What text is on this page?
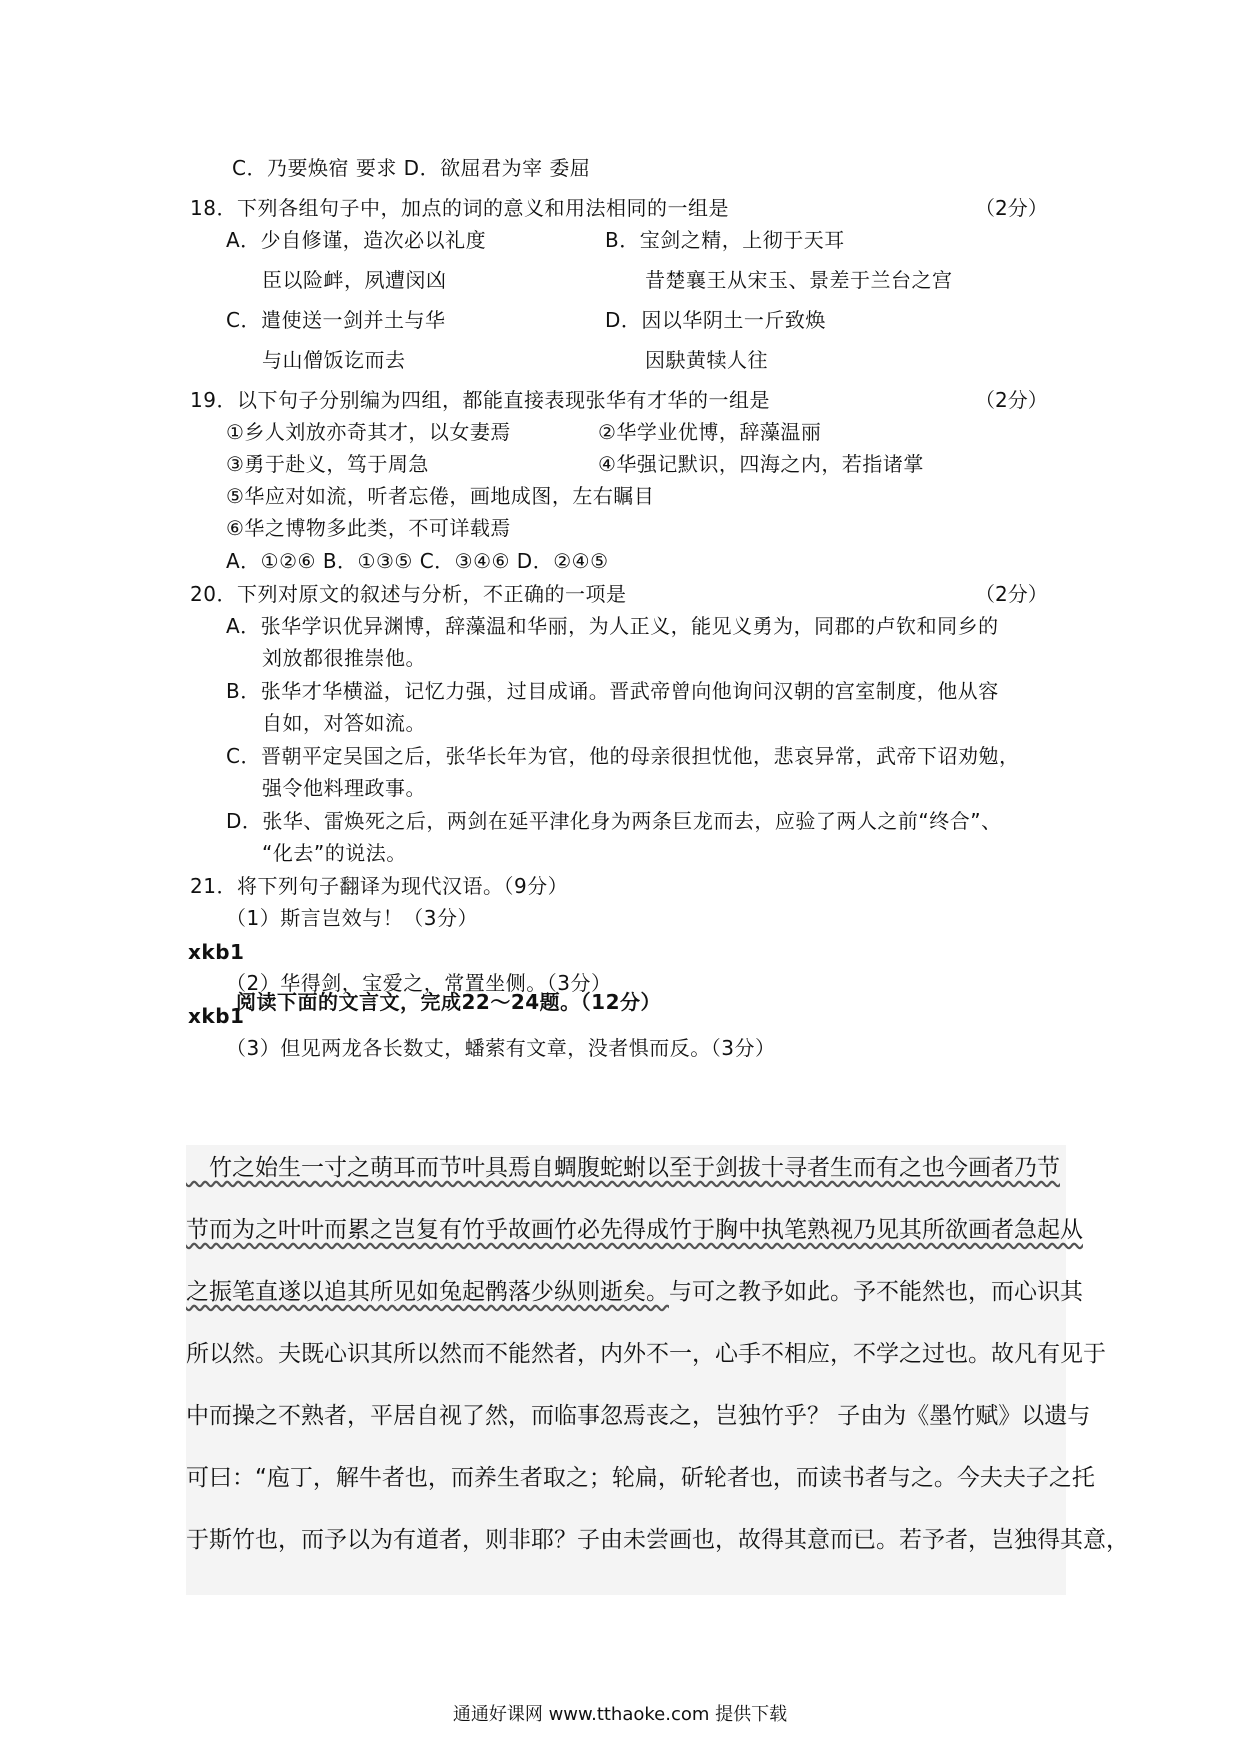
C．乃要焕宿 要求 D．欲屈君为宰 委屈
18．下列各组句子中，加点的词的意义和用法相同的一组是
A．少自修谨，造次必以礼度	B．宝剑之精，上彻于天耳
臣以险衅，夙遭闵凶	昔楚襄王从宋玉、景差于兰台之宫
C．遣使送一剑并土与华	D．因以华阴土一斤致焕
与山僧饭讫而去	因駃黄犊人往
19．以下句子分别编为四组，都能直接表现张华有才华的一组是
①乡人刘放亦奇其才，以女妻焉	②华学业优博，辞藻温丽
③勇于赴义，笃于周急	④华强记默识，四海之内，若指诸掌
⑤华应对如流，听者忘倦，画地成图，左右瞩目
⑥华之博物多此类，不可详载焉
A．①②⑥ B．①③⑤ C．③④⑥ D．②④⑤
20．下列对原文的叙述与分析，不正确的一项是
A．张华学识优异渊博，辞藻温和华丽，为人正义，能见义勇为，同郡的卢钦和同乡的
刘放都很推崇他。
B．张华才华横溢，记忆力强，过目成诵。晋武帝曾向他询问汉朝的宫室制度，他从容
自如，对答如流。
C．晋朝平定吴国之后，张华长年为官，他的母亲很担忧他，悲哀异常，武帝下诏劝勉，
强令他料理政事。
D．张华、雷焕死之后，两剑在延平津化身为两条巨龙而去，应验了两人之前“终合”、
“化去”的说法。
21．将下列句子翻译为现代汉语。（9分）
（1）斯言岂效与！（3分）
（2）华得剑，宝爱之，常置坐侧。（3分）
（3）但见两龙各长数丈，蟠萦有文章，没者惧而反。（3分）
xkb1
xkb1
（2分）
（2分）
（2分）
阅读下面的文言文，完成22～24题。（12分）
　竹之始生一寸之萌耳而节叶具焉自蜩腹蛇蚹以至于剑拔十寻者生而有之也今画者乃节
节而为之叶叶而累之岂复有竹乎故画竹必先得成竹于胸中执笔熟视乃见其所欲画者急起从
之振笔直遂以追其所见如兔起鹘落少纵则逝矣。与可之教予如此。予不能然也，而心识其
所以然。夫既心识其所以然而不能然者，内外不一，心手不相应，不学之过也。故凡有见于
中而操之不熟者，平居自视了然，而临事忽焉丧之，岂独竹乎？ 子由为《墨竹赋》以遗与
可曰：“庖丁，解牛者也，而养生者取之；轮扁，斫轮者也，而读书者与之。今夫夫子之托
于斯竹也，而予以为有道者，则非耶？子由未尝画也，故得其意而已。若予者，岂独得其意，
通通好课网 www.tthaoke.com 提供下载
